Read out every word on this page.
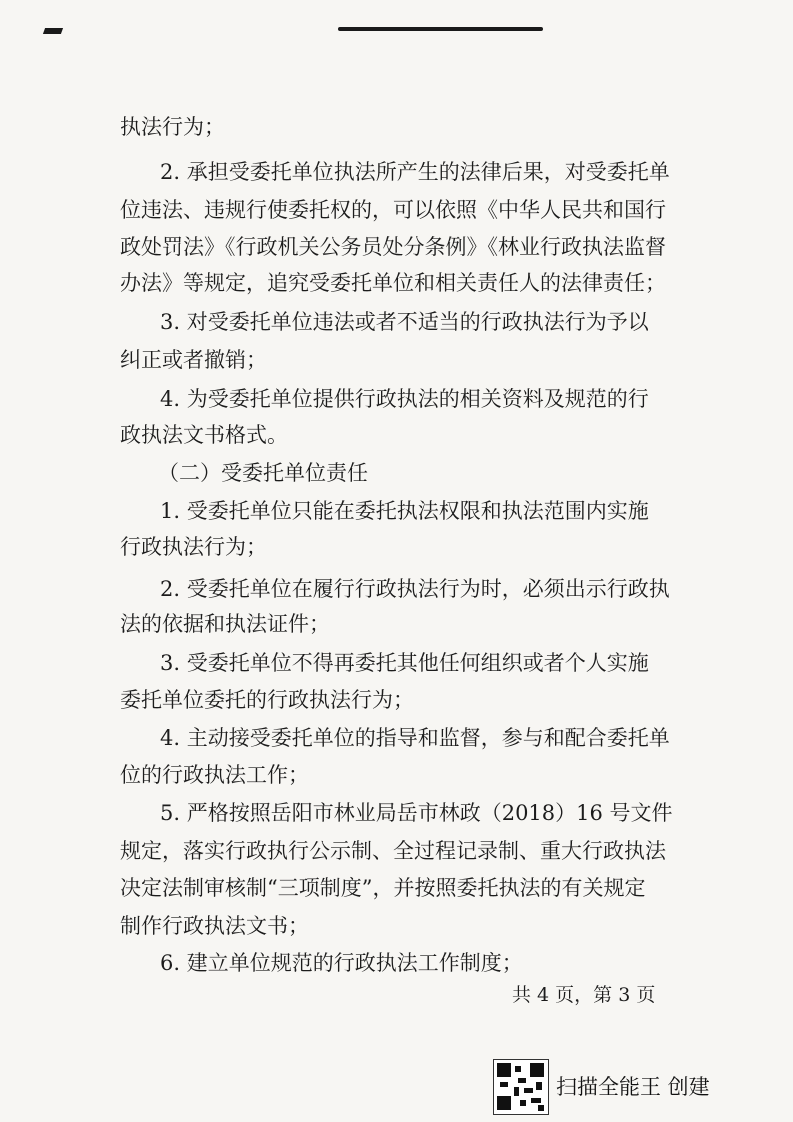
执法行为；
2. 承担受委托单位执法所产生的法律后果，对受委托单
位违法、违规行使委托权的，可以依照《中华人民共和国行
政处罚法》《行政机关公务员处分条例》《林业行政执法监督
办法》等规定，追究受委托单位和相关责任人的法律责任；
3. 对受委托单位违法或者不适当的行政执法行为予以
纠正或者撤销；
4. 为受委托单位提供行政执法的相关资料及规范的行
政执法文书格式。
（二）受委托单位责任
1. 受委托单位只能在委托执法权限和执法范围内实施
行政执法行为；
2. 受委托单位在履行行政执法行为时，必须出示行政执
法的依据和执法证件；
3. 受委托单位不得再委托其他任何组织或者个人实施
委托单位委托的行政执法行为；
4. 主动接受委托单位的指导和监督，参与和配合委托单
位的行政执法工作；
5. 严格按照岳阳市林业局岳市林政（2018）16 号文件
规定，落实行政执行公示制、全过程记录制、重大行政执法
决定法制审核制“三项制度”，并按照委托执法的有关规定
制作行政执法文书；
6. 建立单位规范的行政执法工作制度；
共 4 页，第 3 页
扫描全能王 创建
